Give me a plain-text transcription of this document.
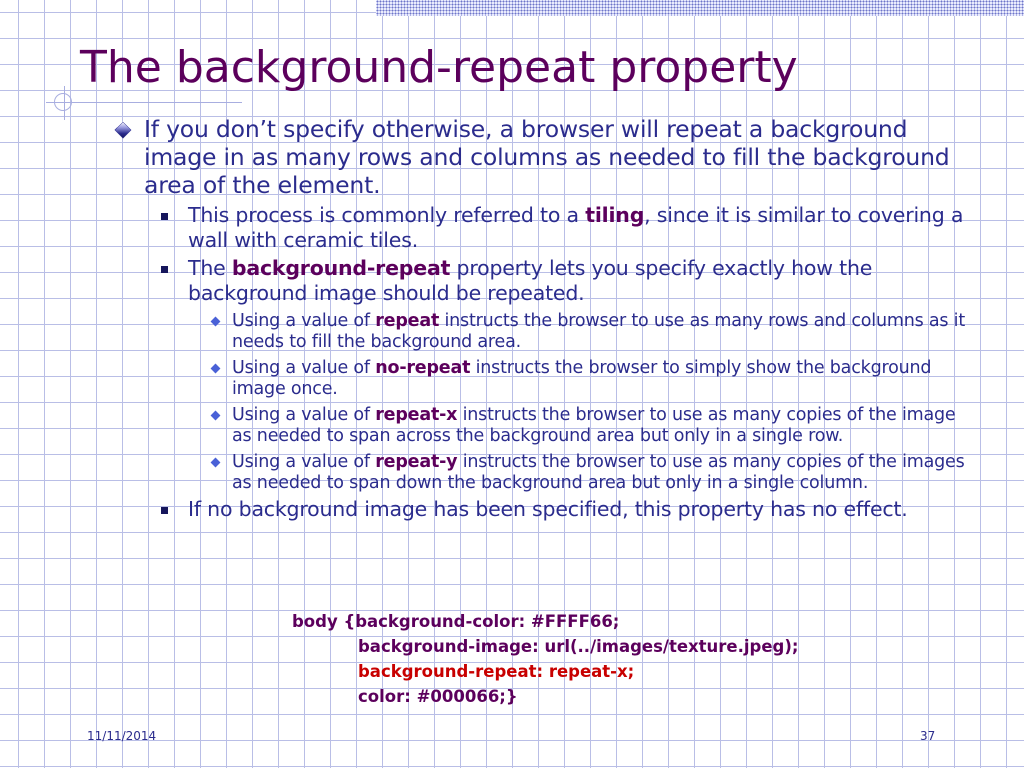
The background-repeat property

If you don’t specify otherwise, a browser will repeat a background image in as many rows and columns as needed to fill the background area of the element.

This process is commonly referred to a tiling, since it is similar to covering a wall with ceramic tiles.

The background-repeat property lets you specify exactly how the background image should be repeated.

Using a value of repeat instructs the browser to use as many rows and columns as it needs to fill the background area.

Using a value of no-repeat instructs the browser to simply show the background image once.

Using a value of repeat-x instructs the browser to use as many copies of the image as needed to span across the background area but only in a single row.

Using a value of repeat-y instructs the browser to use as many copies of the images as needed to span down the background area but only in a single column.

If no background image has been specified, this property has no effect.

body {background-color: #FFFF66;
background-image: url(../images/texture.jpeg);
background-repeat: repeat-x;
color: #000066;}
11/11/2014	37
